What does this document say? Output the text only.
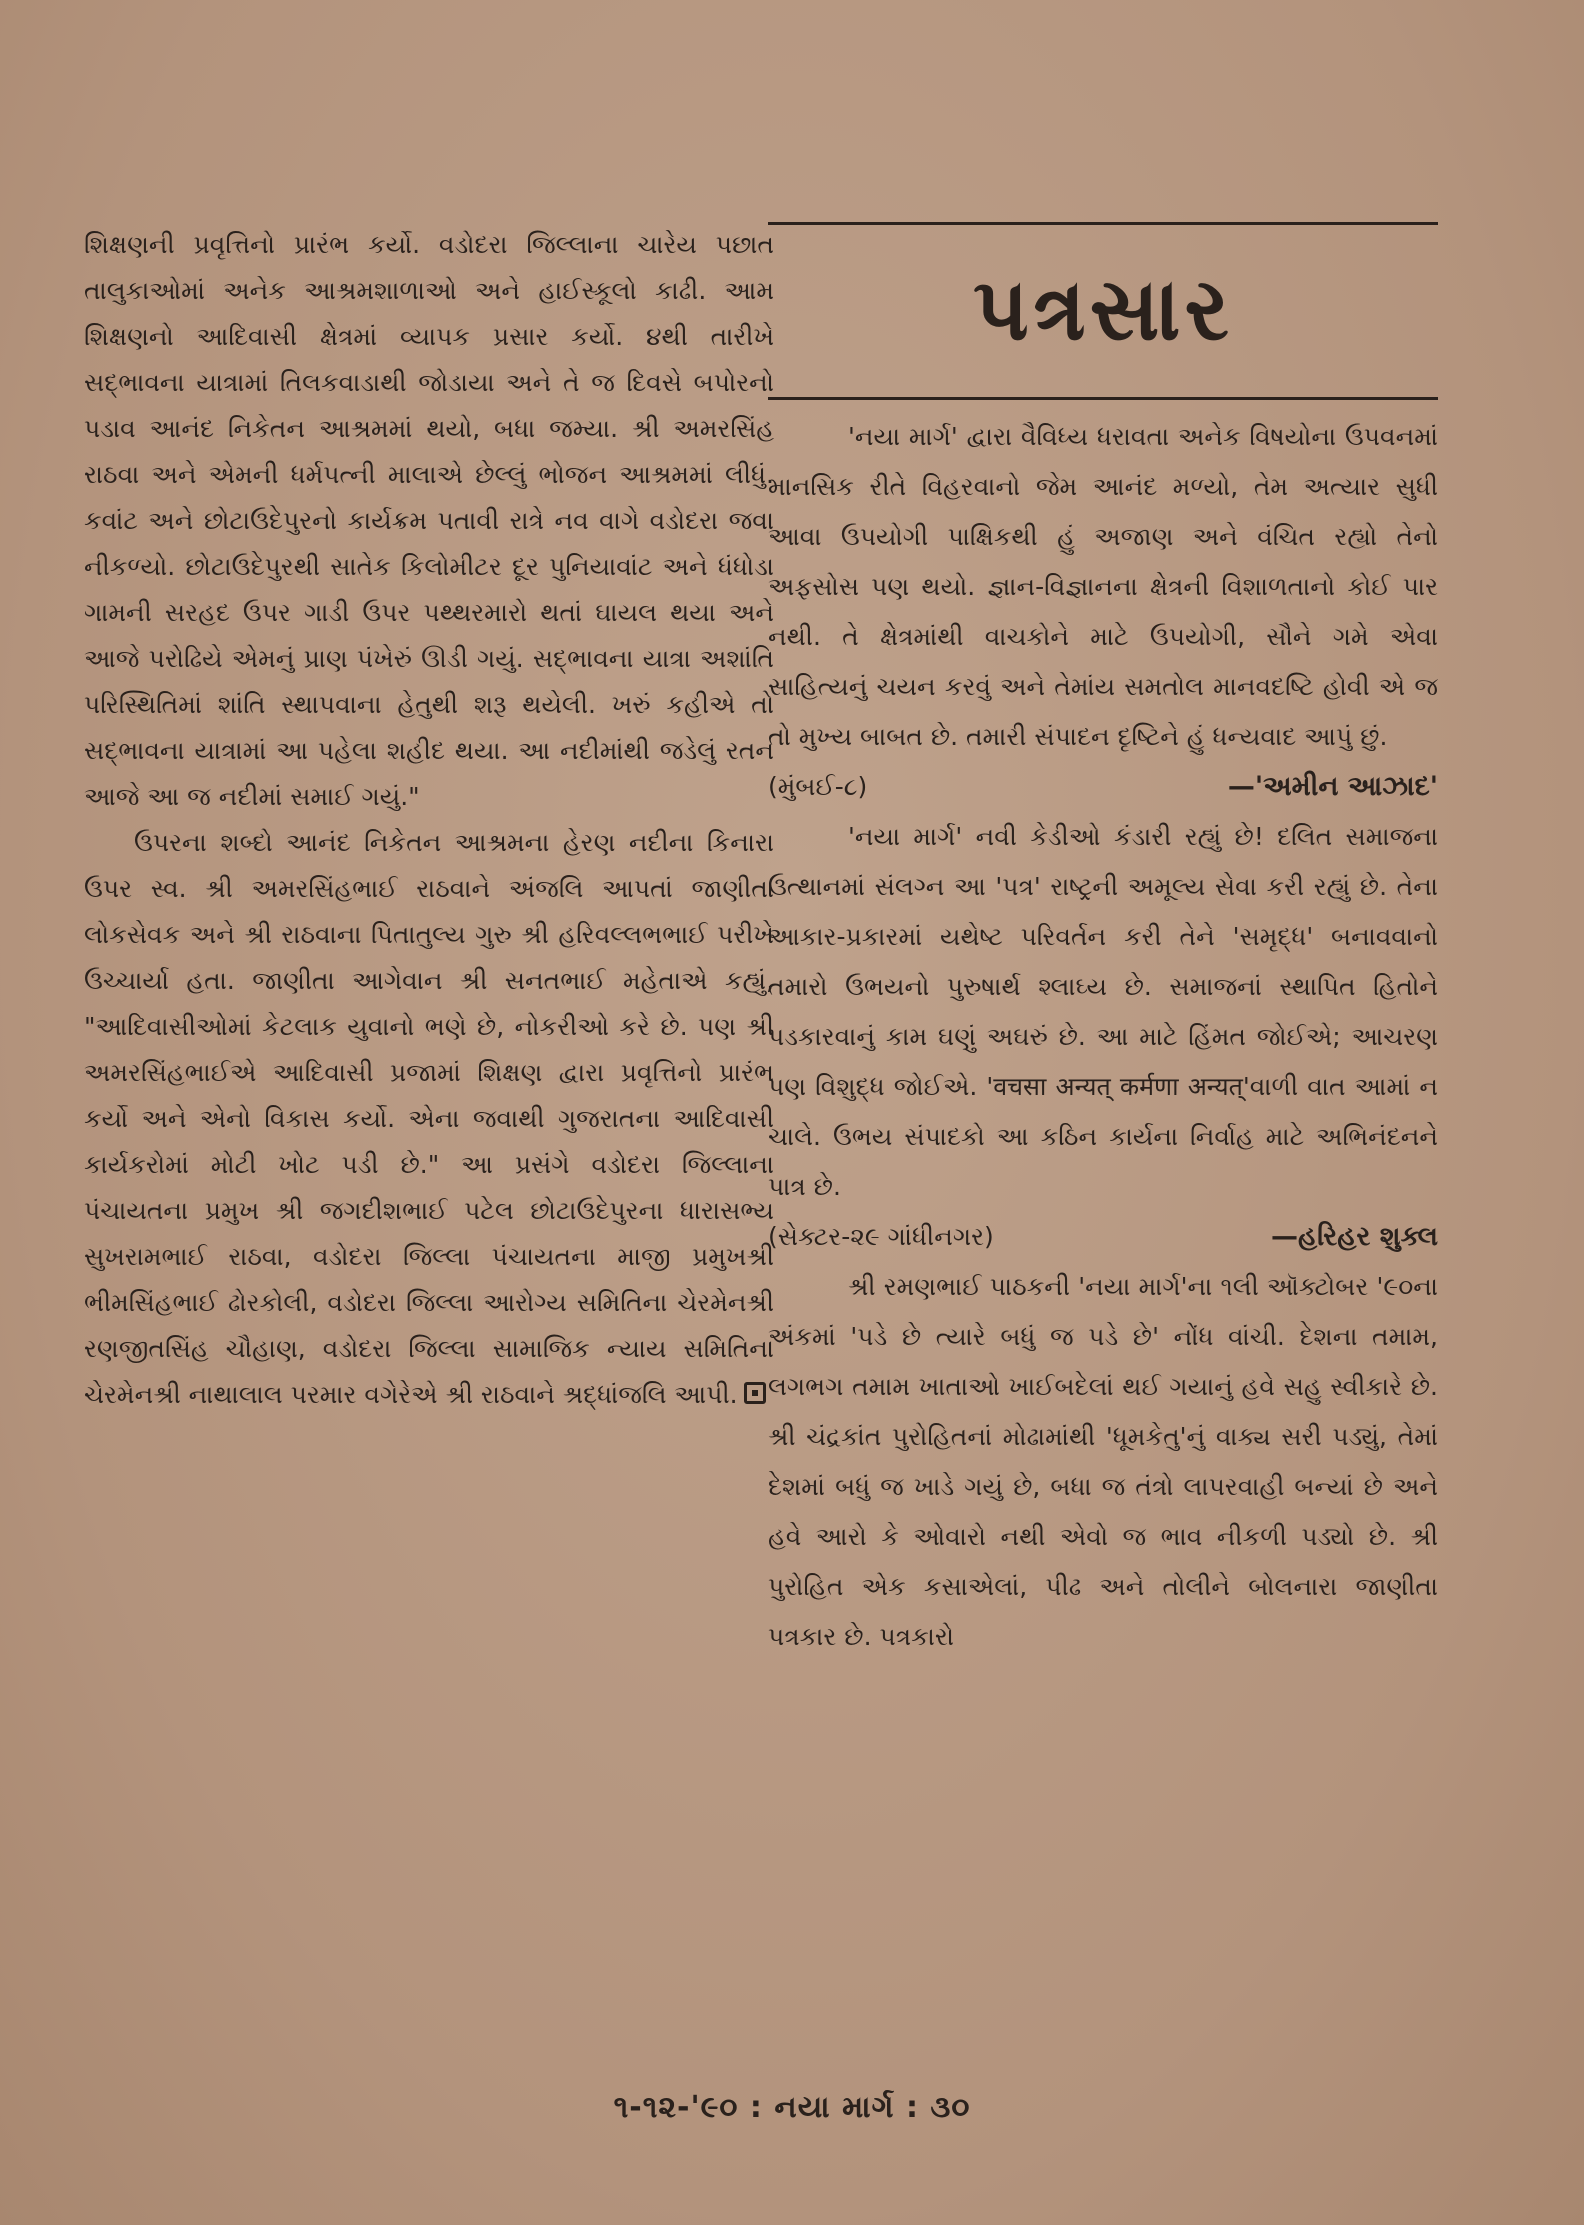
શિક્ષણની પ્રવૃત્તિનો પ્રારંભ કર્યો. વડોદરા જિલ્લાના ચારેય પછાત તાલુકાઓમાં અનેક આશ્રમશાળાઓ અને હાઈસ્કૂલો કાઢી. આમ શિક્ષણનો આદિવાસી ક્ષેત્રમાં વ્યાપક પ્રસાર કર્યો. ૪થી તારીખે સદ્ભાવના યાત્રામાં તિલકવાડાથી જોડાયા અને તે જ દિવસે બપોરનો પડાવ આનંદ નિકેતન આશ્રમમાં થયો, બધા જમ્યા. શ્રી અમરસિંહ રાઠવા અને એમની ધર્મપત્ની માલાએ છેલ્લું ભોજન આશ્રમમાં લીધું. કવાંટ અને છોટાઉદેપુરનો કાર્યક્રમ પતાવી રાત્રે નવ વાગે વડોદરા જવા નીકળ્યો. છોટાઉદેપુરથી સાતેક કિલોમીટર દૂર પુનિયાવાંટ અને ધંધોડા ગામની સરહદ ઉપર ગાડી ઉપર પથ્થરમારો થતાં ઘાયલ થયા અને આજે પરોઢિયે એમનું પ્રાણ પંખેરું ઊડી ગયું. સદ્ભાવના યાત્રા અશાંતિ પરિસ્થિતિમાં શાંતિ સ્થાપવાના હેતુથી શરૂ થયેલી. ખરું કહીએ તો સદ્ભાવના યાત્રામાં આ પહેલા શહીદ થયા. આ નદીમાંથી જડેલું રતન આજે આ જ નદીમાં સમાઈ ગયું."

ઉપરના શબ્દો આનંદ નિકેતન આશ્રમના હેરણ નદીના કિનારા ઉપર સ્વ. શ્રી અમરસિંહભાઈ રાઠવાને અંજલિ આપતાં જાણીતા લોકસેવક અને શ્રી રાઠવાના પિતાતુલ્ય ગુરુ શ્રી હરિવલ્લભભાઈ પરીખે ઉચ્ચાર્યા હતા. જાણીતા આગેવાન શ્રી સનતભાઈ મહેતાએ કહ્યું, "આદિવાસીઓમાં કેટલાક યુવાનો ભણે છે, નોકરીઓ કરે છે. પણ શ્રી અમરસિંહભાઈએ આદિવાસી પ્રજામાં શિક્ષણ દ્વારા પ્રવૃત્તિનો પ્રારંભ કર્યો અને એનો વિકાસ કર્યો. એના જવાથી ગુજરાતના આદિવાસી કાર્યકરોમાં મોટી ખોટ પડી છે." આ પ્રસંગે વડોદરા જિલ્લાના પંચાયતના પ્રમુખ શ્રી જગદીશભાઈ પટેલ છોટાઉદેપુરના ધારાસભ્ય સુખરામભાઈ રાઠવા, વડોદરા જિલ્લા પંચાયતના માજી પ્રમુખશ્રી ભીમસિંહભાઈ ઢોરકોલી, વડોદરા જિલ્લા આરોગ્ય સમિતિના ચેરમેનશ્રી રણજીતસિંહ ચૌહાણ, વડોદરા જિલ્લા સામાજિક ન્યાય સમિતિના ચેરમેનશ્રી નાથાલાલ પરમાર વગેરેએ શ્રી રાઠવાને શ્રદ્ધાંજલિ આપી.

પત્રસાર

'નયા માર્ગ' દ્વારા વૈવિધ્ય ધરાવતા અનેક વિષયોના ઉપવનમાં માનસિક રીતે વિહરવાનો જેમ આનંદ મળ્યો, તેમ અત્યાર સુધી આવા ઉપયોગી પાક્ષિકથી હું અજાણ અને વંચિત રહ્યો તેનો અફસોસ પણ થયો. જ્ઞાન-વિજ્ઞાનના ક્ષેત્રની વિશાળતાનો કોઈ પાર નથી. તે ક્ષેત્રમાંથી વાચકોને માટે ઉપયોગી, સૌને ગમે એવા સાહિત્યનું ચયન કરવું અને તેમાંય સમતોલ માનવદષ્ટિ હોવી એ જ તો મુખ્ય બાબત છે. તમારી સંપાદન દૃષ્ટિને હું ધન્યવાદ આપું છું.

(મુંબઈ-૮)	—'અમીન આઝાદ'

'નયા માર્ગ' નવી કેડીઓ કંડારી રહ્યું છે! દલિત સમાજના ઉત્થાનમાં સંલગ્ન આ 'પત્ર' રાષ્ટ્રની અમૂલ્ય સેવા કરી રહ્યું છે. તેના આકાર-પ્રકારમાં યથેષ્ટ પરિવર્તન કરી તેને 'સમૃદ્ધ' બનાવવાનો તમારો ઉભયનો પુરુષાર્થ શ્લાઘ્ય છે. સમાજનાં સ્થાપિત હિતોને પડકારવાનું કામ ઘણું અઘરું છે. આ માટે હિંમત જોઈએ; આચરણ પણ વિશુદ્ધ જોઈએ. 'वचसा अन्यत् कर्मणा अन्यत्'વાળી વાત આમાં ન ચાલે. ઉભય સંપાદકો આ કઠિન કાર્યના નિર્વાહ માટે અભિનંદનને પાત્ર છે.

(સેક્ટર-૨૯ ગાંધીનગર)	—હરિહર શુક્લ

શ્રી રમણભાઈ પાઠકની 'નયા માર્ગ'ના ૧લી ઑક્ટોબર '૯૦ના અંકમાં 'પડે છે ત્યારે બધું જ પડે છે' નોંધ વાંચી. દેશના તમામ, લગભગ તમામ ખાતાઓ ખાઈબદેલાં થઈ ગયાનું હવે સહુ સ્વીકારે છે. શ્રી ચંદ્રકાંત પુરોહિતનાં મોઢામાંથી 'ધૂમકેતુ'નું વાક્ય સરી પડ્યું, તેમાં દેશમાં બધું જ ખાડે ગયું છે, બધા જ તંત્રો લાપરવાહી બન્યાં છે અને હવે આરો કે ઓવારો નથી એવો જ ભાવ નીકળી પડ્યો છે. શ્રી પુરોહિત એક કસાએલાં, પીઢ અને તોલીને બોલનારા જાણીતા પત્રકાર છે. પત્રકારો

૧-૧૨-'૯૦ : નયા માર્ગ : ૩૦
